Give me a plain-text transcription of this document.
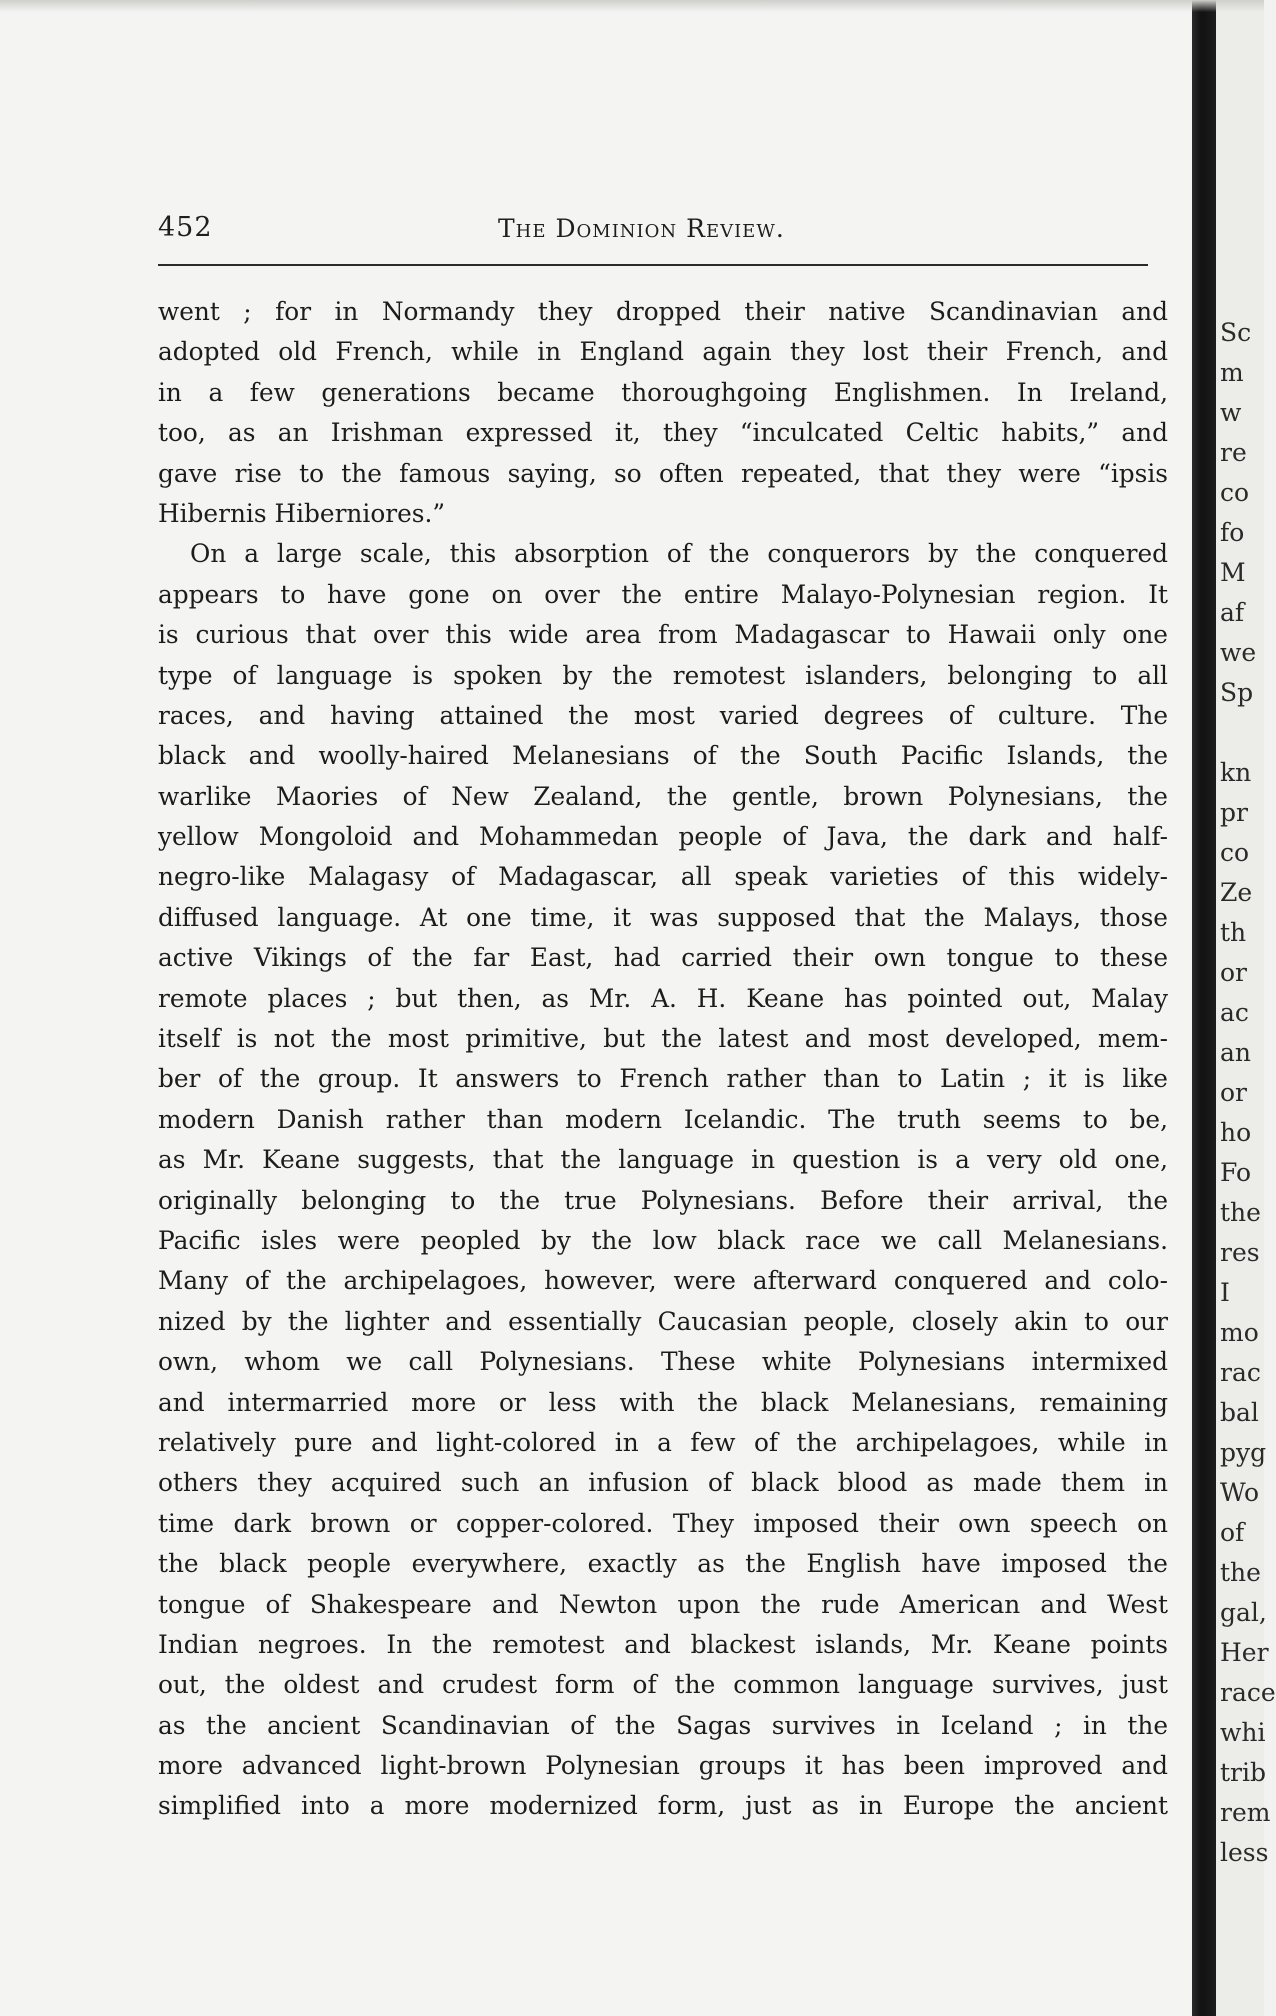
452	The Dominion Review.
went ; for in Normandy they dropped their native Scandinavian and
adopted old French, while in England again they lost their French, and
in a few generations became thoroughgoing Englishmen. In Ireland,
too, as an Irishman expressed it, they “inculcated Celtic habits,” and
gave rise to the famous saying, so often repeated, that they were “ipsis
Hibernis Hiberniores.”
On a large scale, this absorption of the conquerors by the conquered
appears to have gone on over the entire Malayo-Polynesian region. It
is curious that over this wide area from Madagascar to Hawaii only one
type of language is spoken by the remotest islanders, belonging to all
races, and having attained the most varied degrees of culture. The
black and woolly-haired Melanesians of the South Pacific Islands, the
warlike Maories of New Zealand, the gentle, brown Polynesians, the
yellow Mongoloid and Mohammedan people of Java, the dark and half-
negro-like Malagasy of Madagascar, all speak varieties of this widely-
diffused language. At one time, it was supposed that the Malays, those
active Vikings of the far East, had carried their own tongue to these
remote places ; but then, as Mr. A. H. Keane has pointed out, Malay
itself is not the most primitive, but the latest and most developed, mem-
ber of the group. It answers to French rather than to Latin ; it is like
modern Danish rather than modern Icelandic. The truth seems to be,
as Mr. Keane suggests, that the language in question is a very old one,
originally belonging to the true Polynesians. Before their arrival, the
Pacific isles were peopled by the low black race we call Melanesians.
Many of the archipelagoes, however, were afterward conquered and colo-
nized by the lighter and essentially Caucasian people, closely akin to our
own, whom we call Polynesians. These white Polynesians intermixed
and intermarried more or less with the black Melanesians, remaining
relatively pure and light-colored in a few of the archipelagoes, while in
others they acquired such an infusion of black blood as made them in
time dark brown or copper-colored. They imposed their own speech on
the black people everywhere, exactly as the English have imposed the
tongue of Shakespeare and Newton upon the rude American and West
Indian negroes. In the remotest and blackest islands, Mr. Keane points
out, the oldest and crudest form of the common language survives, just
as the ancient Scandinavian of the Sagas survives in Iceland ; in the
more advanced light-brown Polynesian groups it has been improved and
simplified into a more modernized form, just as in Europe the ancient
Sc
m
w
re
co
fo
M
af
we
Sp
kn
pr
co
Ze
th
or
ac
an
or
ho
Fo
the
res
I
mo
rac
bal
pyg
Wo
of
the
gal,
Her
race
whi
trib
rem
less
